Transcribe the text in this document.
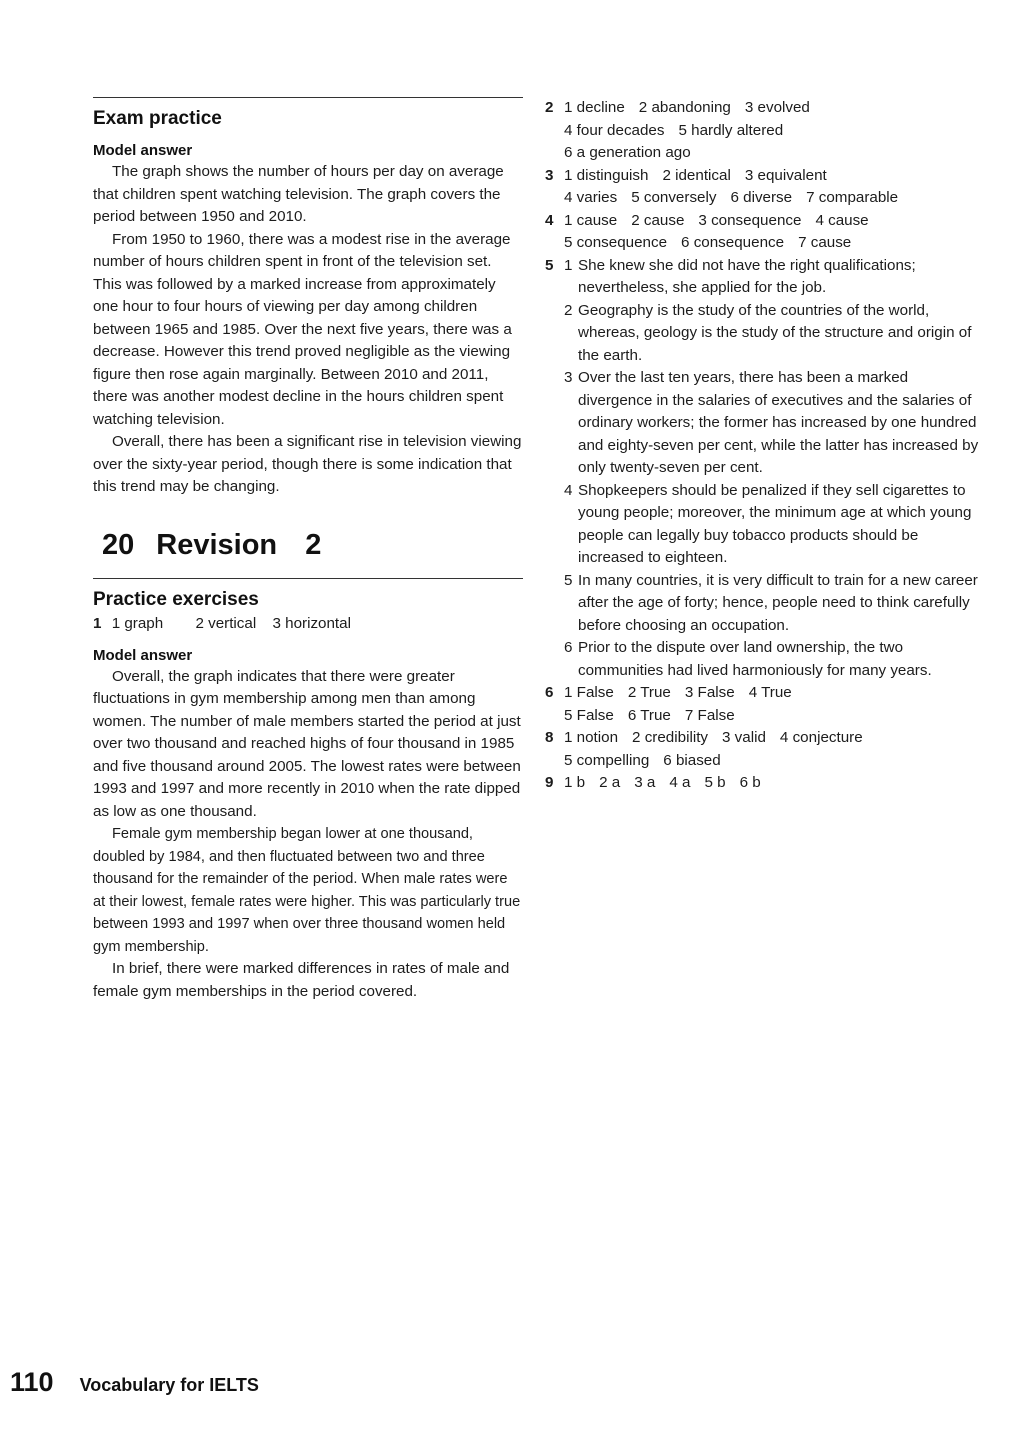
Exam practice
Model answer

The graph shows the number of hours per day on average that children spent watching television. The graph covers the period between 1950 and 2010.

From 1950 to 1960, there was a modest rise in the average number of hours children spent in front of the television set. This was followed by a marked increase from approximately one hour to four hours of viewing per day among children between 1965 and 1985. Over the next five years, there was a decrease. However this trend proved negligible as the viewing figure then rose again marginally. Between 2010 and 2011, there was another modest decline in the hours children spent watching television.

Overall, there has been a significant rise in television viewing over the sixty-year period, though there is some indication that this trend may be changing.

20 Revision 2
Practice exercises
1 1 graph 2 vertical 3 horizontal
Model answer

Overall, the graph indicates that there were greater fluctuations in gym membership among men than among women. The number of male members started the period at just over two thousand and reached highs of four thousand in 1985 and five thousand around 2005. The lowest rates were between 1993 and 1997 and more recently in 2010 when the rate dipped as low as one thousand.

Female gym membership began lower at one thousand, doubled by 1984, and then fluctuated between two and three thousand for the remainder of the period. When male rates were at their lowest, female rates were higher. This was particularly true between 1993 and 1997 when over three thousand women held gym membership.

In brief, there were marked differences in rates of male and female gym memberships in the period covered.

2 1 decline 2 abandoning 3 evolved
4 four decades 5 hardly altered
6 a generation ago
3 1 distinguish 2 identical 3 equivalent
4 varies 5 conversely 6 diverse 7 comparable
4 1 cause 2 cause 3 consequence 4 cause
5 consequence 6 consequence 7 cause
5 1 She knew she did not have the right qualifications; nevertheless, she applied for the job.
2 Geography is the study of the countries of the world, whereas, geology is the study of the structure and origin of the earth.
3 Over the last ten years, there has been a marked divergence in the salaries of executives and the salaries of ordinary workers; the former has increased by one hundred and eighty-seven per cent, while the latter has increased by only twenty-seven per cent.
4 Shopkeepers should be penalized if they sell cigarettes to young people; moreover, the minimum age at which young people can legally buy tobacco products should be increased to eighteen.
5 In many countries, it is very difficult to train for a new career after the age of forty; hence, people need to think carefully before choosing an occupation.
6 Prior to the dispute over land ownership, the two communities had lived harmoniously for many years.
6 1 False 2 True 3 False 4 True
5 False 6 True 7 False
8 1 notion 2 credibility 3 valid 4 conjecture
5 compelling 6 biased
9 1 b 2 a 3 a 4 a 5 b 6 b
110 Vocabulary for IELTS
